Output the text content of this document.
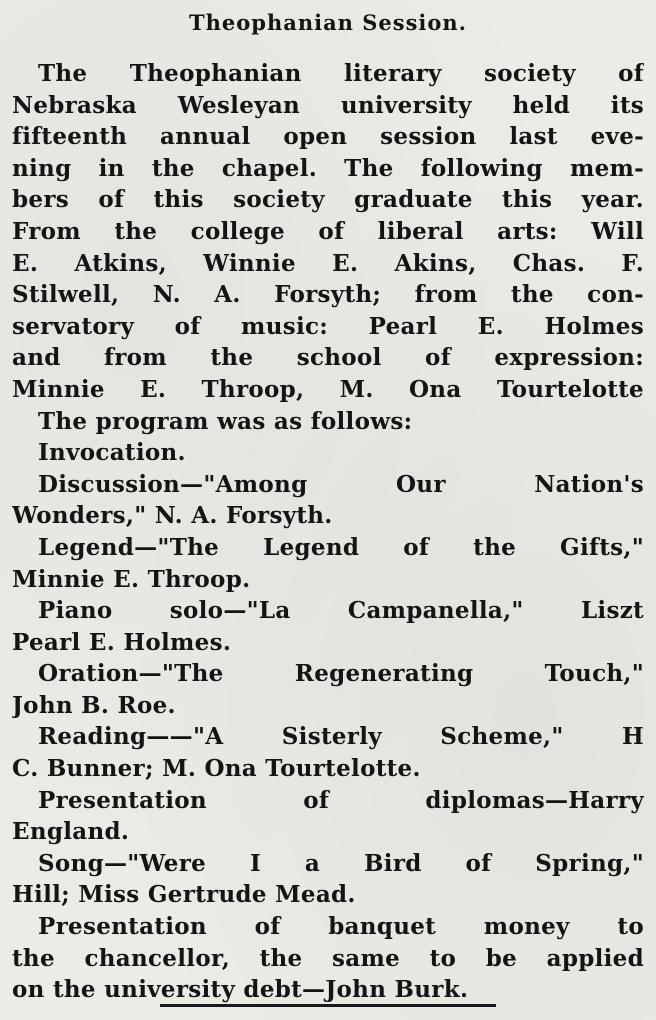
Theophanian Session.
The Theophanian literary society of
Nebraska Wesleyan university held its
fifteenth annual open session last eve-
ning in the chapel. The following mem-
bers of this society graduate this year.
From the college of liberal arts: Will
E. Atkins, Winnie E. Akins, Chas. F.
Stilwell, N. A. Forsyth; from the con-
servatory of music: Pearl E. Holmes
and from the school of expression:
Minnie E. Throop, M. Ona Tourtelotte
The program was as follows:
Invocation.
Discussion—"Among Our Nation's
Wonders," N. A. Forsyth.
Legend—"The Legend of the Gifts,"
Minnie E. Throop.
Piano solo—"La Campanella," Liszt
Pearl E. Holmes.
Oration—"The Regenerating Touch,"
John B. Roe.
Reading——"A Sisterly Scheme," H
C. Bunner; M. Ona Tourtelotte.
Presentation of diplomas—Harry
England.
Song—"Were I a Bird of Spring,"
Hill; Miss Gertrude Mead.
Presentation of banquet money to
the chancellor, the same to be applied
on the university debt—John Burk.
